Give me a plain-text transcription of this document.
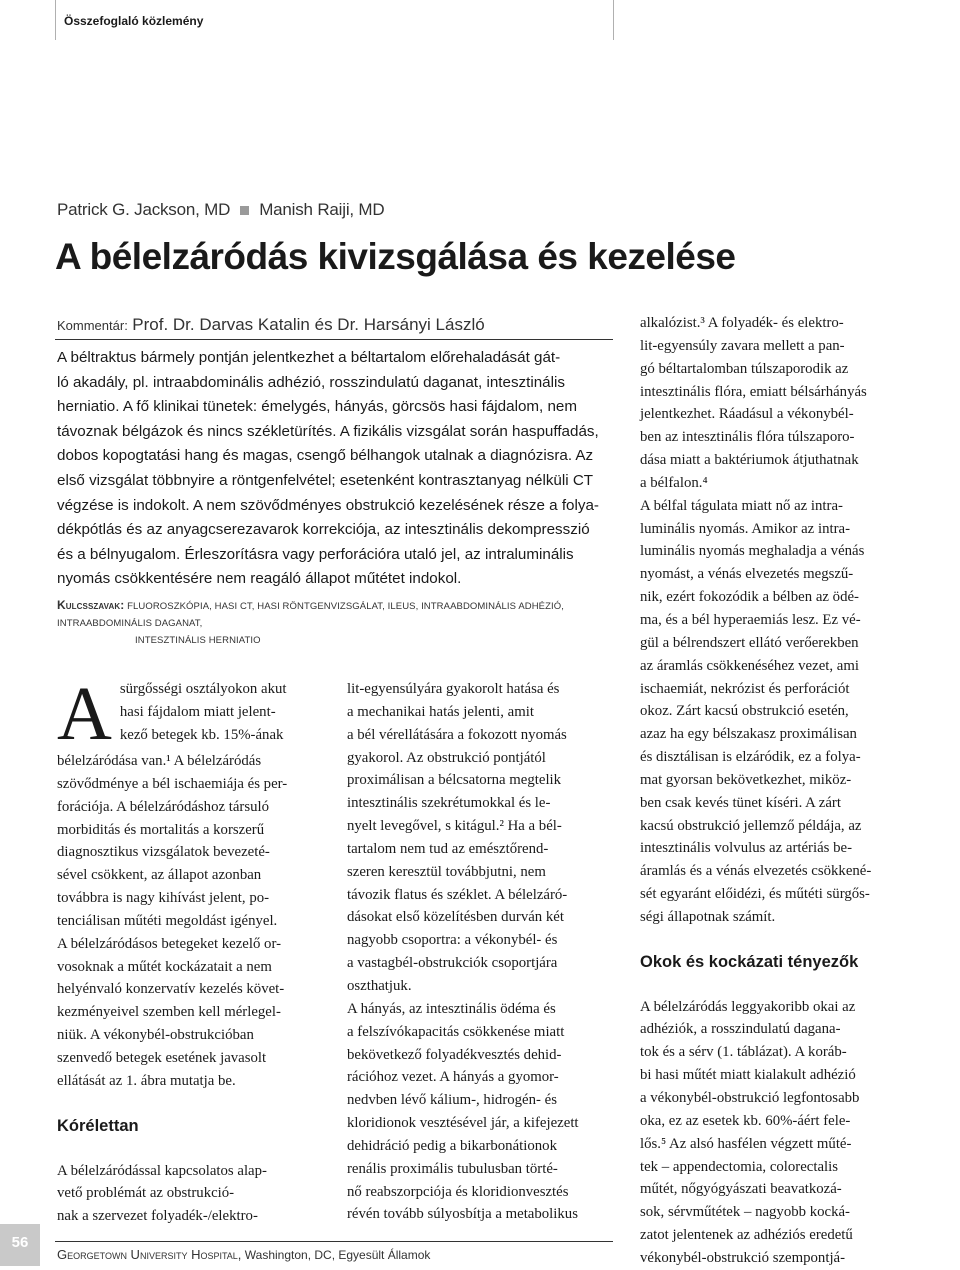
Összefoglaló közlemény
Patrick G. Jackson, MD Manish Raiji, MD
A bélelzáródás kivizsgálása és kezelése
Kommentár: Prof. Dr. Darvas Katalin és Dr. Harsányi László
A béltraktus bármely pontján jelentkezhet a béltartalom előrehaladását gát-
ló akadály, pl. intraabdominális adhézió, rosszindulatú daganat, intesztinális
herniatio. A fő klinikai tünetek: émelygés, hányás, görcsös hasi fájdalom, nem
távoznak bélgázok és nincs székletürítés. A fizikális vizsgálat során haspuffadás,
dobos kopogtatási hang és magas, csengő bélhangok utalnak a diagnózisra. Az
első vizsgálat többnyire a röntgenfelvétel; esetenként kontrasztanyag nélküli CT
végzése is indokolt. A nem szövődményes obstrukció kezelésének része a folya-
dékpótlás és az anyagcserezavarok korrekciója, az intesztinális dekompresszió
és a bélnyugalom. Érleszorításra vagy perforációra utaló jel, az intraluminális
nyomás csökkentésére nem reagáló állapot műtétet indokol.
Kulcsszavak: FLUOROSZKÓPIA, HASI CT, HASI RÖNTGENVIZSGÁLAT, ILEUS, INTRAABDOMINÁLIS ADHÉZIÓ, INTRAABDOMINÁLIS DAGANAT,
INTESZTINÁLIS HERNIATIO
A sürgősségi osztályokon akut
hasi fájdalom miatt jelent-
kező betegek kb. 15%-ának
bélelzáródása van.¹ A bélelzáródás
szövődménye a bél ischaemiája és per-
forációja. A bélelzáródáshoz társuló
morbiditás és mortalitás a korszerű
diagnosztikus vizsgálatok bevezeté-
sével csökkent, az állapot azonban
továbbra is nagy kihívást jelent, po-
tenciálisan műtéti megoldást igényel.
A bélelzáródásos betegeket kezelő or-
vosoknak a műtét kockázatait a nem
helyénvaló konzervatív kezelés követ-
kezményeivel szemben kell mérlegel-
niük. A vékonybél-obstrukcióban
szenvedő betegek esetének javasolt
ellátását az 1. ábra mutatja be.
Kórélettan
A bélelzáródással kapcsolatos alap-
vető problémát az obstrukció-
nak a szervezet folyadék-/elektro-
lit-egyensúlyára gyakorolt hatása és
a mechanikai hatás jelenti, amit
a bél vérellátására a fokozott nyomás
gyakorol. Az obstrukció pontjától
proximálisan a bélcsatorna megtelik
intesztinális szekrétumokkal és le-
nyelt levegővel, s kitágul.² Ha a bél-
tartalom nem tud az emésztőrend-
szeren keresztül továbbjutni, nem
távozik flatus és széklet. A bélelzáró-
dásokat első közelítésben durván két
nagyobb csoportra: a vékonybél- és
a vastagbél-obstrukciók csoportjára
oszthatjuk.
A hányás, az intesztinális ödéma és
a felszívókapacitás csökkenése miatt
bekövetkező folyadékvesztés dehid-
rációhoz vezet. A hányás a gyomor-
nedvben lévő kálium-, hidrogén- és
kloridionok vesztésével jár, a kifejezett
dehidráció pedig a bikarbonátionok
renális proximális tubulusban törté-
nő reabszorpciója és kloridionvesztés
révén tovább súlyosbítja a metabolikus
alkalózist.³ A folyadék- és elektro-
lit-egyensúly zavara mellett a pan-
gó béltartalomban túlszaporodik az
intesztinális flóra, emiatt bélsárhányás
jelentkezhet. Ráadásul a vékonybél-
ben az intesztinális flóra túlszaporo-
dása miatt a baktériumok átjuthatnak
a bélfalon.⁴
A bélfal tágulata miatt nő az intra-
luminális nyomás. Amikor az intra-
luminális nyomás meghaladja a vénás
nyomást, a vénás elvezetés megszű-
nik, ezért fokozódik a bélben az ödé-
ma, és a bél hyperaemiás lesz. Ez vé-
gül a bélrendszert ellátó verőerekben
az áramlás csökkenéséhez vezet, ami
ischaemiát, nekrózist és perforációt
okoz. Zárt kacsú obstrukció esetén,
azaz ha egy bélszakasz proximálisan
és disztálisan is elzáródik, ez a folya-
mat gyorsan bekövetkezhet, miköz-
ben csak kevés tünet kíséri. A zárt
kacsú obstrukció jellemző példája, az
intesztinális volvulus az artériás be-
áramlás és a vénás elvezetés csökkené-
sét egyaránt előidézi, és műtéti sürgős-
ségi állapotnak számít.
Okok és kockázati tényezők
A bélelzáródás leggyakoribb okai az
adhéziók, a rosszindulatú dagana-
tok és a sérv (1. táblázat). A koráb-
bi hasi műtét miatt kialakult adhézió
a vékonybél-obstrukció legfontosabb
oka, ez az esetek kb. 60%-áért fele-
lős.⁵ Az alsó hasfélen végzett műté-
tek – appendectomia, colorectalis
műtét, nőgyógyászati beavatkozá-
sok, sérvműtétek – nagyobb kocká-
zatot jelentenek az adhéziós eredetű
vékonybél-obstrukció szempontjá-
Georgetown University Hospital, Washington, DC, Egyesült Államok
56
